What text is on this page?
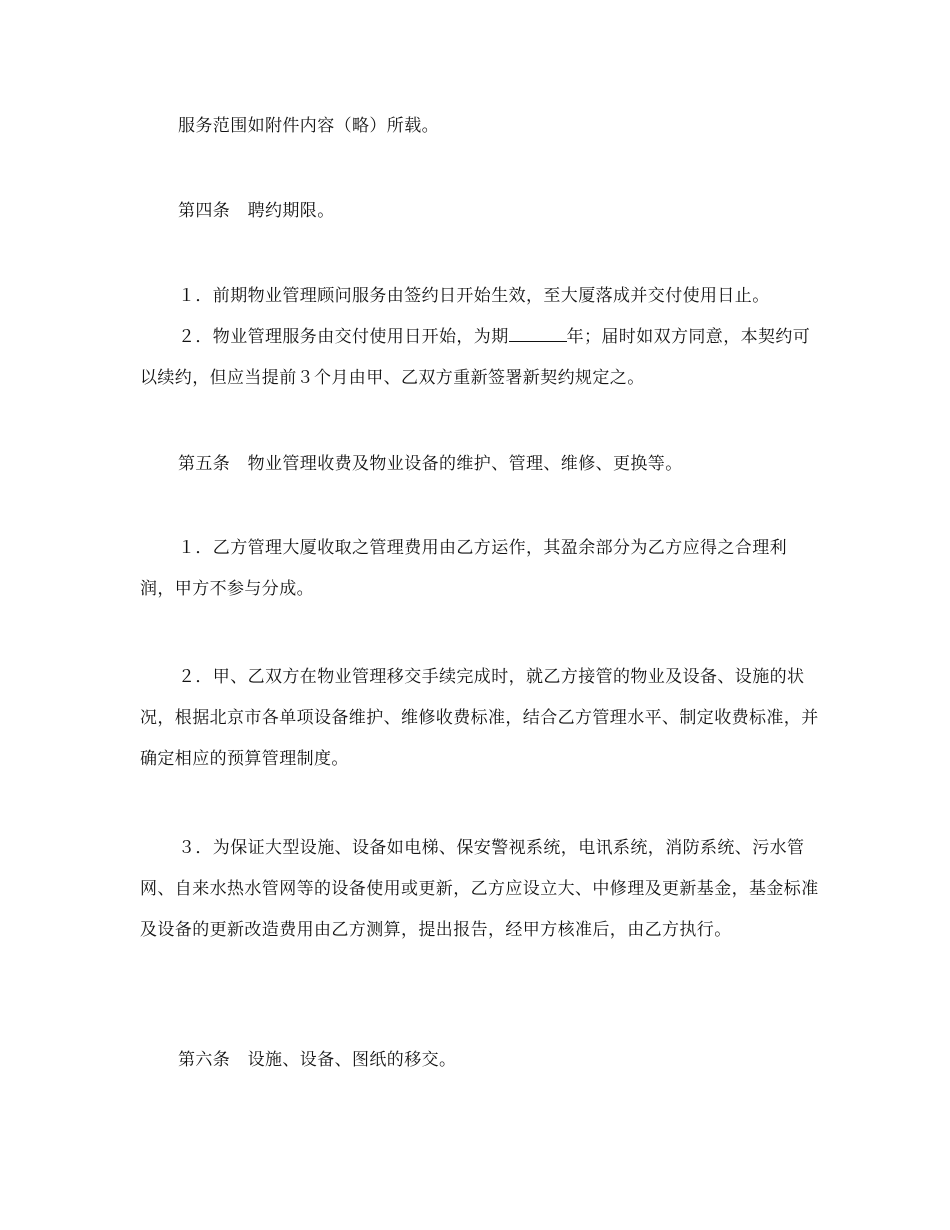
服务范围如附件内容（略）所载。

第四条　聘约期限。

１．前期物业管理顾问服务由签约日开始生效，至大厦落成并交付使用日止。

２．物业管理服务由交付使用日开始，为期	年；届时如双方同意，本契约可以续约，但应当提前３个月由甲、乙双方重新签署新契约规定之。

第五条　物业管理收费及物业设备的维护、管理、维修、更换等。

１．乙方管理大厦收取之管理费用由乙方运作，其盈余部分为乙方应得之合理利润，甲方不参与分成。

２．甲、乙双方在物业管理移交手续完成时，就乙方接管的物业及设备、设施的状况，根据北京市各单项设备维护、维修收费标准，结合乙方管理水平、制定收费标准，并确定相应的预算管理制度。

３．为保证大型设施、设备如电梯、保安警视系统，电讯系统，消防系统、污水管网、自来水热水管网等的设备使用或更新，乙方应设立大、中修理及更新基金，基金标准及设备的更新改造费用由乙方测算，提出报告，经甲方核准后，由乙方执行。

第六条　设施、设备、图纸的移交。
